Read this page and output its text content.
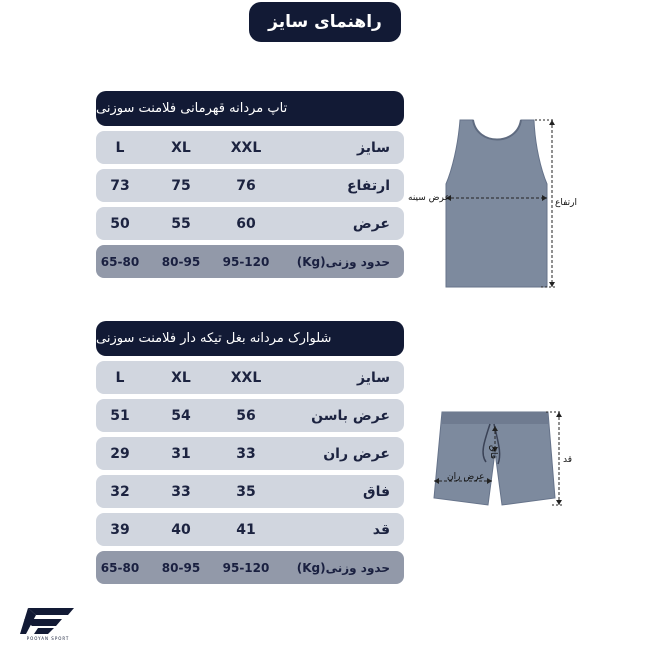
راهنمای سایز
تاپ مردانه قهرمانی فلامنت سوزنی
L	XL	XXL	سایز
73	75	76	ارتفاع
50	55	60	عرض
65-80	80-95	95-120	حدود وزنی(Kg)
شلوارک مردانه بغل تیکه دار فلامنت سوزنی
L	XL	XXL	سایز
51	54	56	عرض باسن
29	31	33	عرض ران
32	33	35	فاق
39	40	41	قد
65-80	80-95	95-120	حدود وزنی(Kg)
عرض سینه	ارتفاع
عرض ران
فاق
قد
POOYAN SPORT
